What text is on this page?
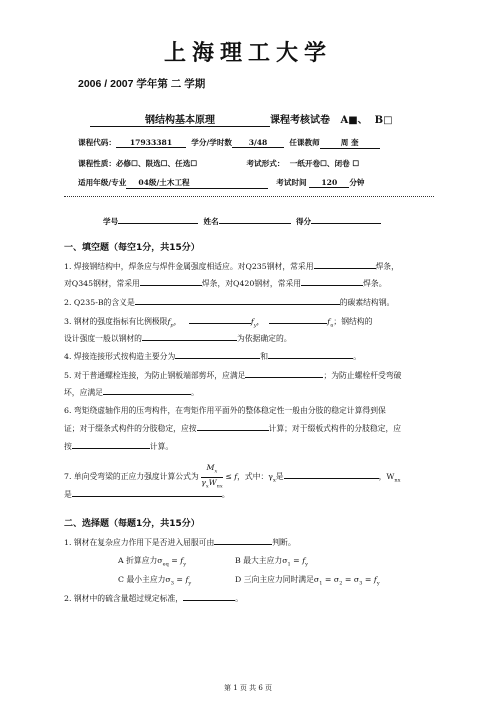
上海理工大学
2006 / 2007 学年第 二 学期
钢结构基本原理	课程考核试卷 A■、 B□
课程代码： 17933381	学分/学时数 3/48	任课教师	周 奎
课程性质：必修☐、限选☐、任选☐	考试形式： 一纸开卷☐、闭卷 ☐
适用年级/专业 04级/土木工程	考试时间 120 分钟
学号	姓名	得分
一、填空题（每空1分，共15分）
1. 焊接钢结构中，焊条应与焊件金属强度相适应。对Q235钢材，常采用	焊条，
对Q345钢材，常采用	焊条，对Q420钢材，常采用	焊条。
2. Q235-B的含义是	的碳素结构钢。
3. 钢材的强度指标有比例极限$f_p$，	$f_y$，	$f_u$；钢结构的
设计强度一般以钢材的	为依据确定的。
4. 焊接连接形式按构造主要分为	和	。
5. 对于普通螺栓连接，为防止钢板端部剪坏，应满足	；为防止螺栓杆受弯破
坏，应满足	。
6. 弯矩绕虚轴作用的压弯构件，在弯矩作用平面外的整体稳定性一般由分肢的稳定计算得到保
证；对于缀条式构件的分肢稳定，应按	计算；对于缀板式构件的分肢稳定，应
按	计算。
7. 单向受弯梁的正应力强度计算公式为 $\frac{M_x}{\gamma_xW_{nx}} \le f$，式中：$\gamma_x$是	，$W_{nx}$
是	。
二、选择题（每题1分，共15分）
1. 钢材在复杂应力作用下是否进入屈服可由	判断。
A 折算应力$\sigma_{eq} = f_y$	B 最大主应力$\sigma_1 = f_y$
C 最小主应力$\sigma_3 = f_y$	D 三向主应力同时满足$\sigma_1 = \sigma_2 = \sigma_3 = f_y$
2. 钢材中的硫含量超过规定标准，	。
第 1 页 共 6 页
